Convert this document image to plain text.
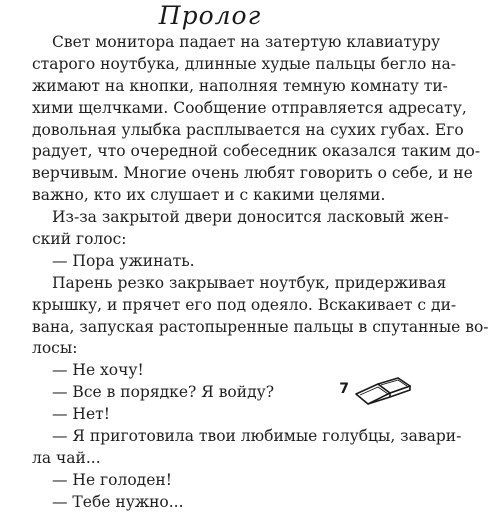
Пролог
Свет монитора падает на затертую клавиатуру
старого ноутбука, длинные худые пальцы бегло на-
жимают на кнопки, наполняя темную комнату ти-
хими щелчками. Сообщение отправляется адресату,
довольная улыбка расплывается на сухих губах. Его
радует, что очередной собеседник оказался таким до-
верчивым. Многие очень любят говорить о себе, и не
важно, кто их слушает и с какими целями.
Из-за закрытой двери доносится ласковый жен-
ский голос:
— Пора ужинать.
Парень резко закрывает ноутбук, придерживая
крышку, и прячет его под одеяло. Вскакивает с ди-
вана, запуская растопыренные пальцы в спутанные во-
лосы:
— Не хочу!
— Все в порядке? Я войду?
— Нет!
— Я приготовила твои любимые голубцы, завари-
ла чай...
— Не голоден!
— Тебе нужно...
7
